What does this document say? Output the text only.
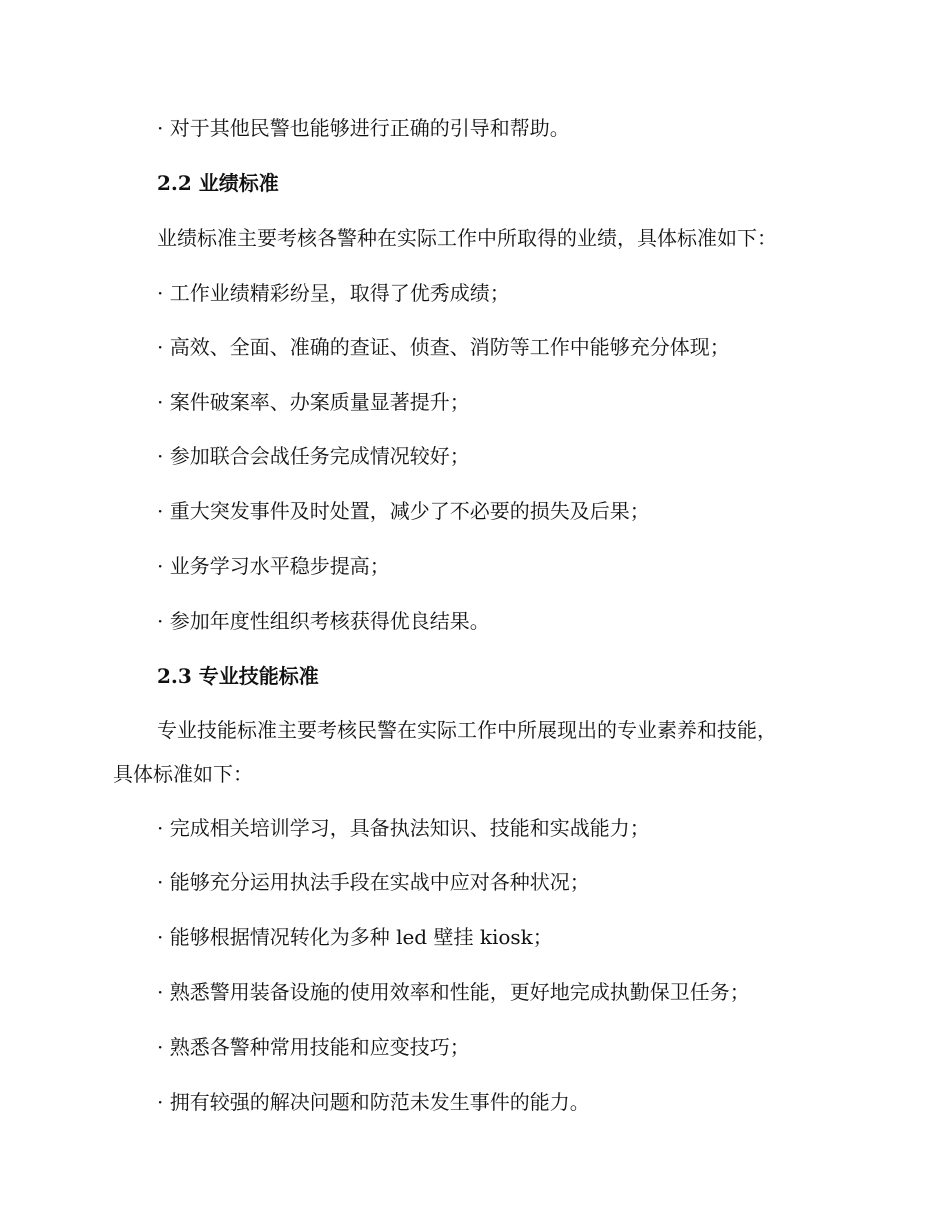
· 对于其他民警也能够进行正确的引导和帮助。
2.2 业绩标准
业绩标准主要考核各警种在实际工作中所取得的业绩，具体标准如下：
· 工作业绩精彩纷呈，取得了优秀成绩；
· 高效、全面、准确的查证、侦查、消防等工作中能够充分体现；
· 案件破案率、办案质量显著提升；
· 参加联合会战任务完成情况较好；
· 重大突发事件及时处置，减少了不必要的损失及后果；
· 业务学习水平稳步提高；
· 参加年度性组织考核获得优良结果。
2.3 专业技能标准
专业技能标准主要考核民警在实际工作中所展现出的专业素养和技能，
具体标准如下：
· 完成相关培训学习，具备执法知识、技能和实战能力；
· 能够充分运用执法手段在实战中应对各种状况；
· 能够根据情况转化为多种 led 壁挂 kiosk；
· 熟悉警用装备设施的使用效率和性能，更好地完成执勤保卫任务；
· 熟悉各警种常用技能和应变技巧；
· 拥有较强的解决问题和防范未发生事件的能力。
